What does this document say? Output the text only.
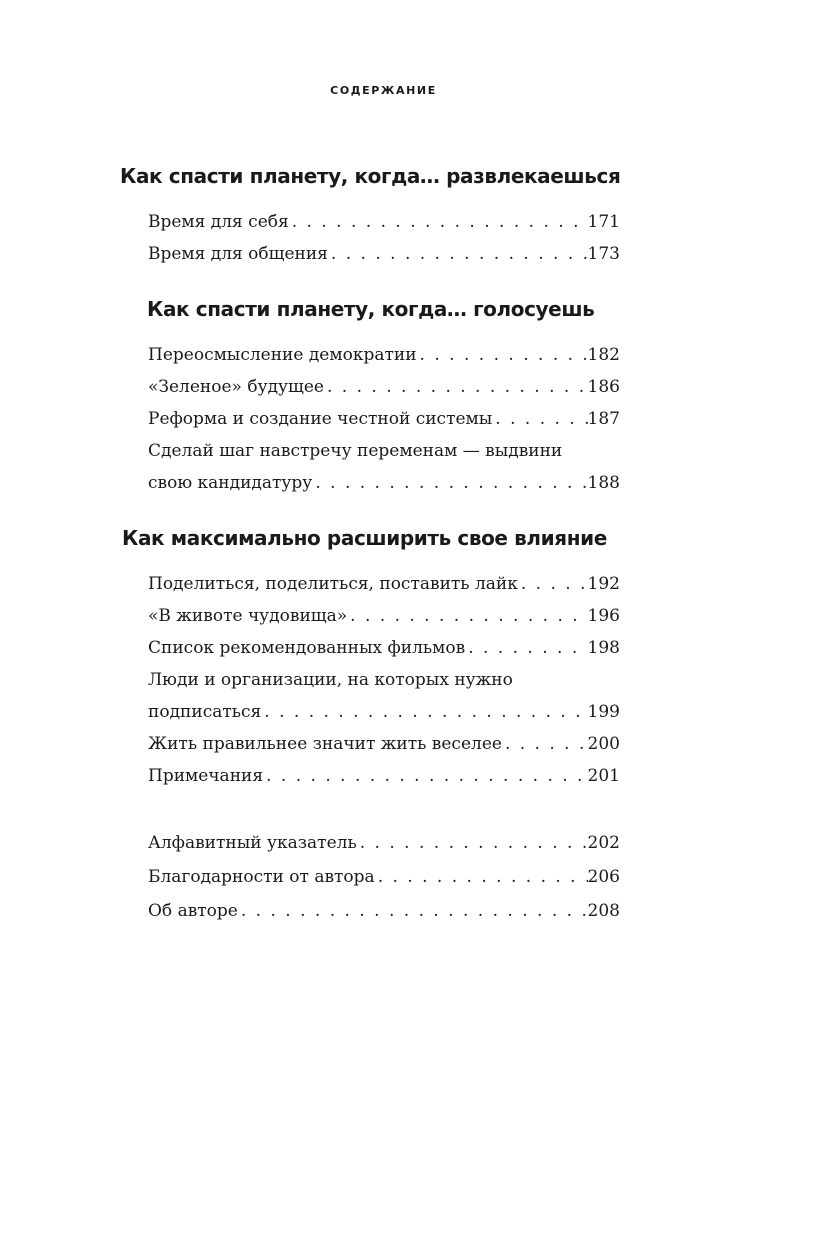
СОДЕРЖАНИЕ
Как спасти планету, когда… развлекаешься
Время для себя . . .	171
Время для общения . . .	173
Как спасти планету, когда… голосуешь
Переосмысление демократии . . .	182
«Зеленое» будущее . . .	186
Реформа и создание честной системы . . .	187
Сделай шаг навстречу переменам — выдвини
свою кандидатуру . . .	188
Как максимально расширить свое влияние
Поделиться, поделиться, поставить лайк . . .	192
«В животе чудовища» . . .	196
Список рекомендованных фильмов . . .	198
Люди и организации, на которых нужно
подписаться . . .	199
Жить правильнее значит жить веселее . . .	200
Примечания . . .	201
Алфавитный указатель . . .	202
Благодарности от автора . . .	206
Об авторе . . .	208
